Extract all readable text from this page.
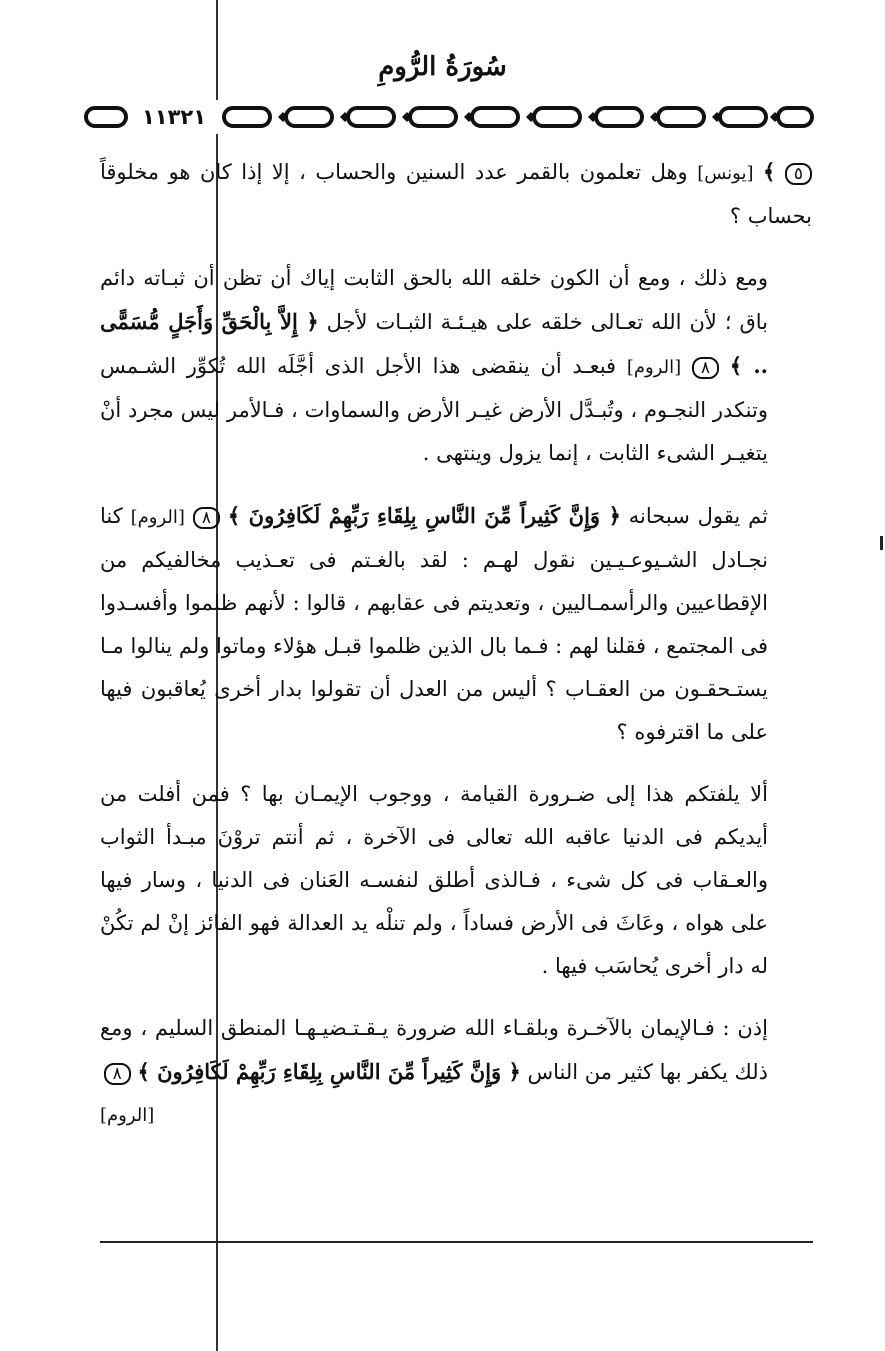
سُورَةُ الرُّومِ
١١٣٢١

٥ ﴾ [يونس] وهل تعلمون بالقمر عدد السنين والحساب ، إلا إذا كان هو مخلوقاً بحساب ؟

ومع ذلك ، ومع أن الكون خلقه الله بالحق الثابت إياك أن تظن أن ثبـاته دائم باق ؛ لأن الله تعـالى خلقه على هيـئـة الثبـات لأجل ﴿ إِلاَّ بِالْحَقِّ وَأَجَلٍ مُّسَمًّى .. ﴾ ٨ [الروم] فبعـد أن ينقضى هذا الأجل الذى أجَّلَه الله تُكوِّر الشـمس وتنكدر النجـوم ، وتُبـدَّل الأرض غيـر الأرض والسماوات ، فـالأمر ليس مجرد أنْ يتغيـر الشىء الثابت ، إنما يزول وينتهى .

ثم يقول سبحانه ﴿ وَإِنَّ كَثِيراً مِّنَ النَّاسِ بِلِقَاءِ رَبِّهِمْ لَكَافِرُونَ ﴾ ٨ [الروم] كنا نجـادل الشـيوعـيـين نقول لهـم : لقد بالغـتم فى تعـذيب مخالفيكم من الإقطاعيين والرأسمـاليين ، وتعديتم فى عقابهم ، قالوا : لأنهم ظلموا وأفسـدوا فى المجتمع ، فقلنا لهم : فـما بال الذين ظلموا قبـل هؤلاء وماتوا ولم ينالوا مـا يستـحقـون من العقـاب ؟ أليس من العدل أن تقولوا بدار أخرى يُعاقبون فيها على ما اقترفوه ؟

ألا يلفتكم هذا إلى ضـرورة القيامة ، ووجوب الإيمـان بها ؟ فمن أفلت من أيديكم فى الدنيا عاقبه الله تعالى فى الآخرة ، ثم أنتم تروْنَ مبـدأ الثواب والعـقاب فى كل شىء ، فـالذى أطلق لنفسـه العَنان فى الدنيا ، وسار فيها على هواه ، وعَاثَ فى الأرض فساداً ، ولم تنلْه يد العدالة فهو الفائز إنْ لم تكُنْ له دار أخرى يُحاسَب فيها .

إذن : فـالإيمان بالآخـرة وبلقـاء الله ضرورة يـقـتـضيـهـا المنطق السليم ، ومع ذلك يكفر بها كثير من الناس ﴿ وَإِنَّ كَثِيراً مِّنَ النَّاسِ بِلِقَاءِ رَبِّهِمْ لَكَافِرُونَ ﴾ ٨
[الروم]
